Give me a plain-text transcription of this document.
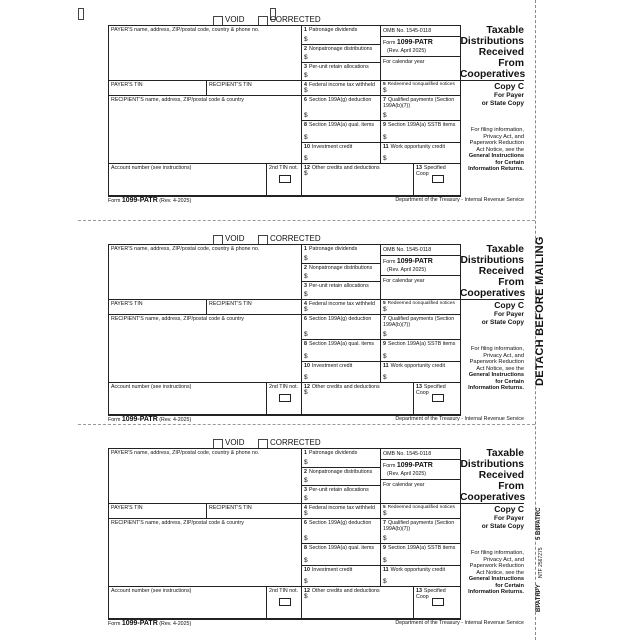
DETACH BEFORE MAILING
5 B9PATRC
NTF 2567275
BPATRPY
VOID	CORRECTED
PAYER'S name, address, ZIP/postal code, country & phone no.	1 Patronage dividends
$
2 Nonpatronage distributions
$
3 Per-unit retain allocations
$
OMB No. 1545-0118
Form 1099-PATR
(Rev. April 2025)
For calendar year
PAYER'S TIN	RECIPIENT'S TIN	4 Federal income tax withheld
$
5 Redeemed nonqualified notices
$
RECIPIENT'S name, address, ZIP/postal code & country	6 Section 199A(g) deduction
$
7 Qualified payments (Section 199A(b)(7))
$
8 Section 199A(a) qual. items
$
9 Section 199A(a) SSTB items
$
10 Investment credit
$
11 Work opportunity credit
$
Account number (see instructions)	2nd TIN not.	12 Other credits and deductions
$
13 Specified Coop
Taxable
Distributions
Received From
Cooperatives
Copy C
For Payer
or State Copy
For filing information,
Privacy Act, and
Paperwork Reduction
Act Notice, see the
General Instructions
for Certain
Information Returns.
Form 1099-PATR (Rev. 4-2025)	Department of the Treasury - Internal Revenue Service
VOID	CORRECTED
PAYER'S name, address, ZIP/postal code, country & phone no.	1 Patronage dividends
$
2 Nonpatronage distributions
$
3 Per-unit retain allocations
$
OMB No. 1545-0118
Form 1099-PATR
(Rev. April 2025)
For calendar year
PAYER'S TIN	RECIPIENT'S TIN	4 Federal income tax withheld
$
5 Redeemed nonqualified notices
$
RECIPIENT'S name, address, ZIP/postal code & country	6 Section 199A(g) deduction
$
7 Qualified payments (Section 199A(b)(7))
$
8 Section 199A(a) qual. items
$
9 Section 199A(a) SSTB items
$
10 Investment credit
$
11 Work opportunity credit
$
Account number (see instructions)	2nd TIN not.	12 Other credits and deductions
$
13 Specified Coop
Taxable
Distributions
Received From
Cooperatives
Copy C
For Payer
or State Copy
For filing information,
Privacy Act, and
Paperwork Reduction
Act Notice, see the
General Instructions
for Certain
Information Returns.
Form 1099-PATR (Rev. 4-2025)	Department of the Treasury - Internal Revenue Service
VOID	CORRECTED
PAYER'S name, address, ZIP/postal code, country & phone no.	1 Patronage dividends
$
2 Nonpatronage distributions
$
3 Per-unit retain allocations
$
OMB No. 1545-0118
Form 1099-PATR
(Rev. April 2025)
For calendar year
PAYER'S TIN	RECIPIENT'S TIN	4 Federal income tax withheld
$
5 Redeemed nonqualified notices
$
RECIPIENT'S name, address, ZIP/postal code & country	6 Section 199A(g) deduction
$
7 Qualified payments (Section 199A(b)(7))
$
8 Section 199A(a) qual. items
$
9 Section 199A(a) SSTB items
$
10 Investment credit
$
11 Work opportunity credit
$
Account number (see instructions)	2nd TIN not.	12 Other credits and deductions
$
13 Specified Coop
Taxable
Distributions
Received From
Cooperatives
Copy C
For Payer
or State Copy
For filing information,
Privacy Act, and
Paperwork Reduction
Act Notice, see the
General Instructions
for Certain
Information Returns.
Form 1099-PATR (Rev. 4-2025)	Department of the Treasury - Internal Revenue Service
